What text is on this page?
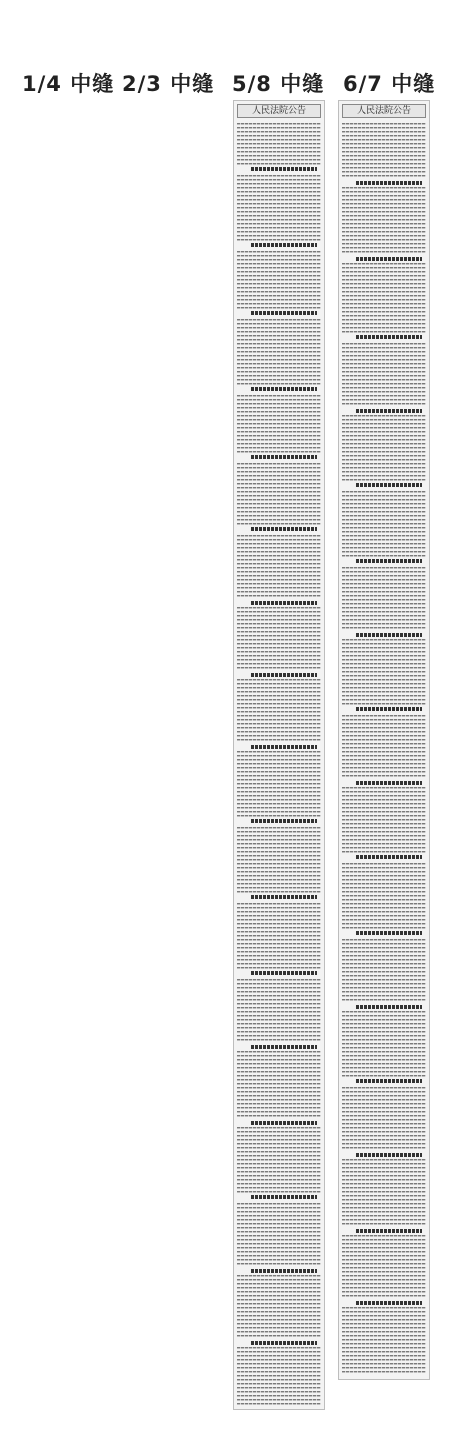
1/4 中缝 2/3 中缝 5/8 中缝 6/7 中缝
人民法院公告	人民法院公告
